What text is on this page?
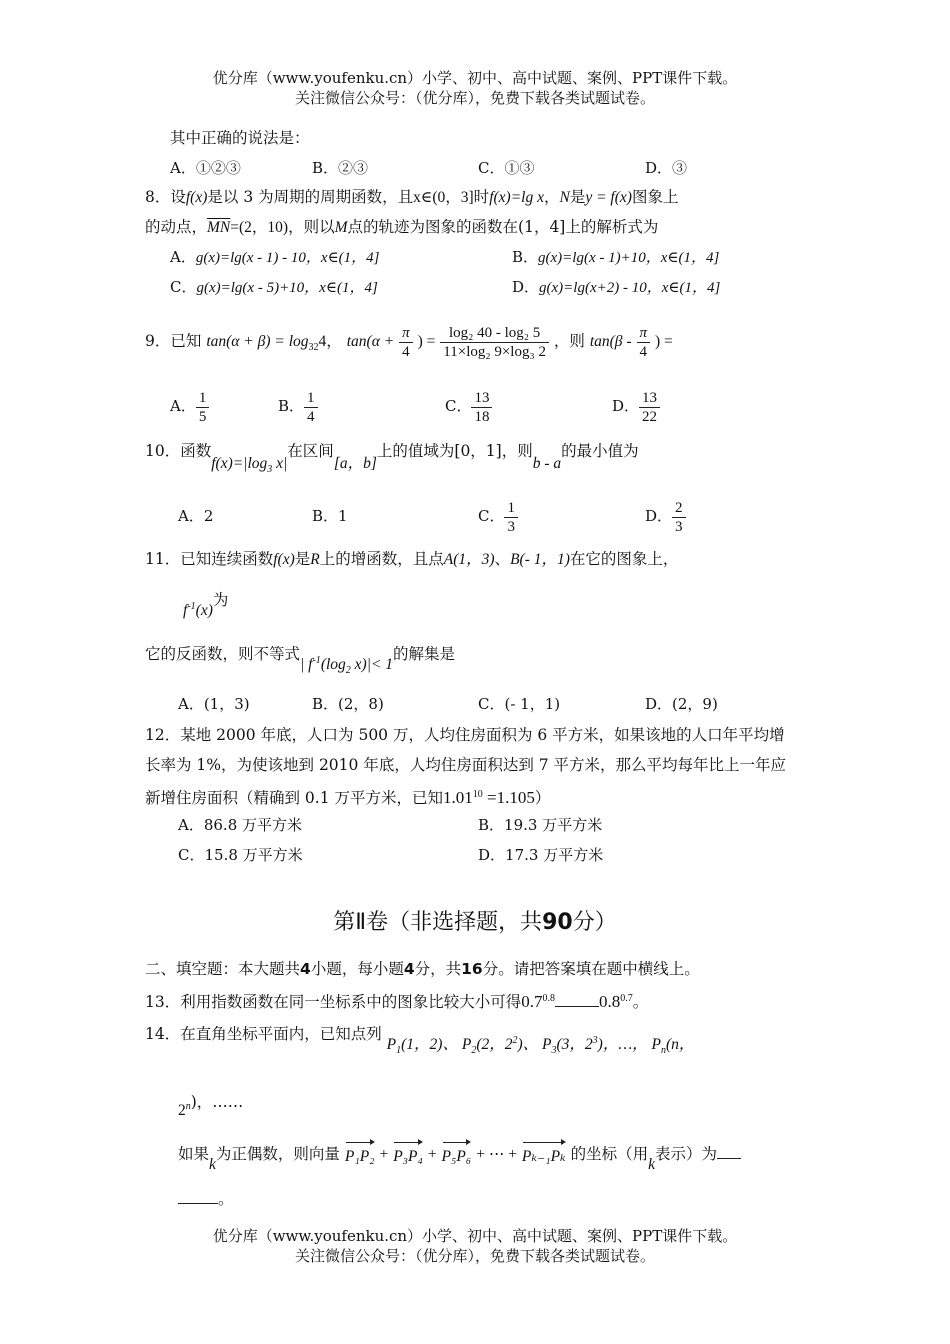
优分库（www.youfenku.cn）小学、初中、高中试题、案例、PPT课件下载。
关注微信公众号：（优分库），免费下载各类试题试卷。
其中正确的说法是：
A．①②③	B．②③	C．①③	D．③
8．设f(x)是以 3 为周期的周期函数，且x∈(0，3]时f(x)=lg x，N是y = f(x)图象上
的动点，$\overline{MN}=(2$，10)，则以M点的轨迹为图象的函数在(1，4]上的解析式为
A．g(x)=lg(x - 1) - 10，x∈(1，4]	B．g(x)=lg(x - 1)+10，x∈(1，4]
C．g(x)=lg(x - 5)+10，x∈(1，4]	D．g(x)=lg(x+2) - 10，x∈(1，4]
9．已知 $\tan(\alpha + \beta) = \log_{32}4$， $\tan(\alpha + \frac{\pi}{4}$ ) = $\frac{\text{log₂ 40 - log₂ 5}}{\text{11×log₂ 9×log₃ 2}}$ ，则 $\tan(\beta - \frac{\pi}{4}$ ) =
A． $\frac{1}{5}$	B． $\frac{1}{4}$	C． $\frac{13}{18}$	D． $\frac{13}{22}$
10．函数$f(x)=|\log_3$ x|在区间[a，b]上的值域为[0，1]，则b - a的最小值为
A．2	B．1	C． $\frac{1}{3}$	D． $\frac{2}{3}$
11．已知连续函数f(x)是R上的增函数，且点A(1，3)、B(- 1，1)在它的图象上，
$f^{-1}(x)$为
它的反函数，则不等式| $f^{-1}(\log_2$ x)|< 1的解集是
A．(1，3)	B．(2，8)	C．(- 1，1)	D．(2，9)
12．某地 2000 年底，人口为 500 万，人均住房面积为 6 平方米，如果该地的人口年平均增
长率为 1%，为使该地到 2010 年底，人均住房面积达到 7 平方米，那么平均每年比上一年应
新增住房面积（精确到 0.1 万平方米，已知$1.01^{10} =1.105$）
A．86.8 万平方米	B．19.3 万平方米
C．15.8 万平方米	D．17.3 万平方米
第Ⅱ卷（非选择题，共90分）
二、填空题：本大题共4小题，每小题4分，共16分。请把答案填在题中横线上。
13．利用指数函数在同一坐标系中的图象比较大小可得$0.7^{0.8}$	$0.8^{0.7}$。
14．在直角坐标平面内，已知点列 $P_1(1$，2)、 $P_2(2$，$2^2$)、 $P_3(3$，$2^3$)，…， $P_n(n$，
2$^n$)，……
如果k为正偶数，则向量 P₁P₂ + P₃P₄ + P₅P₆ + ⋯ + Pₖ₋₁Pₖ 的坐标（用k表示）为
。
优分库（www.youfenku.cn）小学、初中、高中试题、案例、PPT课件下载。
关注微信公众号：（优分库），免费下载各类试题试卷。
